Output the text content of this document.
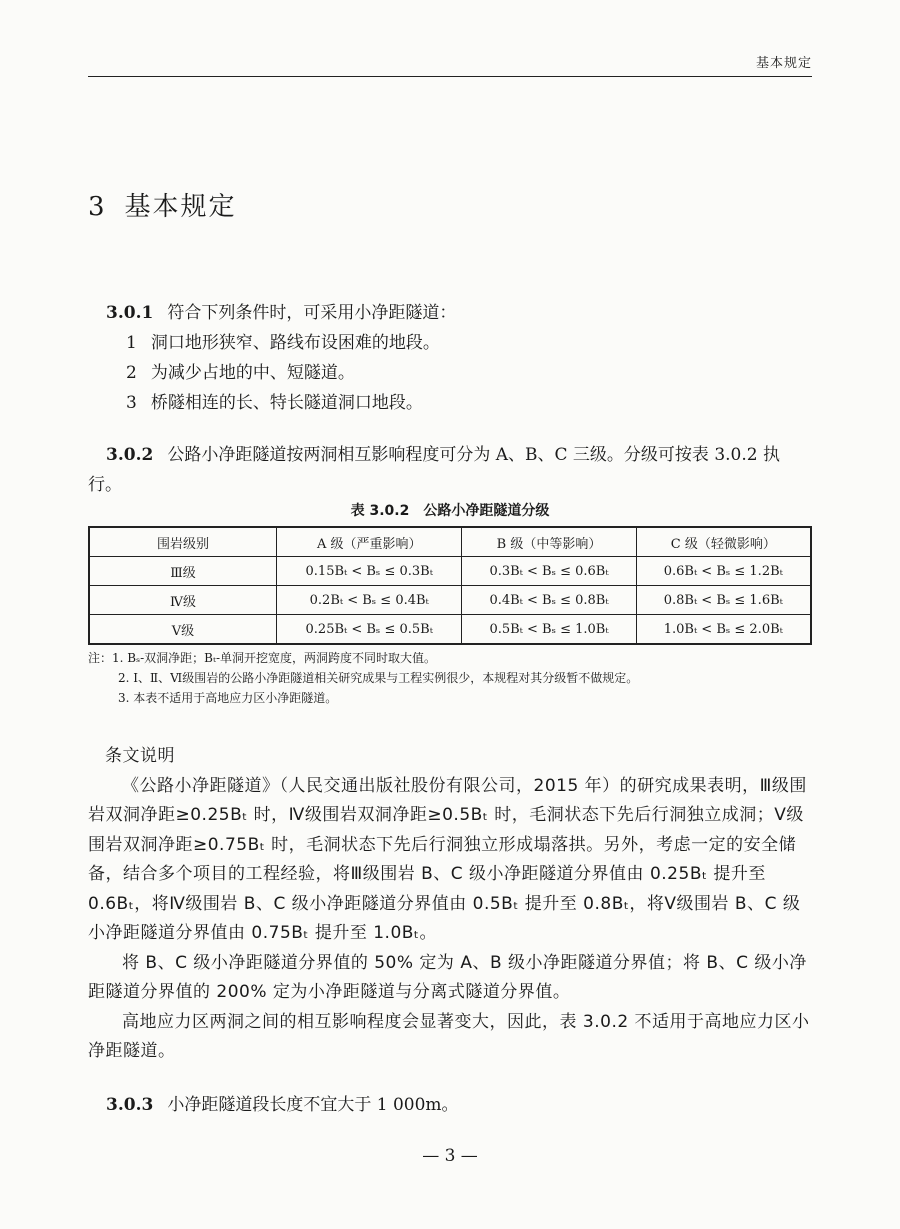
基本规定
3 基本规定
3.0.1 符合下列条件时，可采用小净距隧道：
1 洞口地形狭窄、路线布设困难的地段。
2 为减少占地的中、短隧道。
3 桥隧相连的长、特长隧道洞口地段。
3.0.2 公路小净距隧道按两洞相互影响程度可分为 A、B、C 三级。分级可按表 3.0.2 执行。
表 3.0.2　公路小净距隧道分级
围岩级别	A 级（严重影响）	B 级（中等影响）	C 级（轻微影响）
Ⅲ级	0.15Bₜ < Bₛ ≤ 0.3Bₜ	0.3Bₜ < Bₛ ≤ 0.6Bₜ	0.6Bₜ < Bₛ ≤ 1.2Bₜ
Ⅳ级	0.2Bₜ < Bₛ ≤ 0.4Bₜ	0.4Bₜ < Bₛ ≤ 0.8Bₜ	0.8Bₜ < Bₛ ≤ 1.6Bₜ
Ⅴ级	0.25Bₜ < Bₛ ≤ 0.5Bₜ	0.5Bₜ < Bₛ ≤ 1.0Bₜ	1.0Bₜ < Bₛ ≤ 2.0Bₜ
注：1. Bₛ-双洞净距；Bₜ-单洞开挖宽度，两洞跨度不同时取大值。
2. Ⅰ、Ⅱ、Ⅵ级围岩的公路小净距隧道相关研究成果与工程实例很少，本规程对其分级暂不做规定。
3. 本表不适用于高地应力区小净距隧道。

条文说明

《公路小净距隧道》（人民交通出版社股份有限公司，2015 年）的研究成果表明，Ⅲ级围岩双洞净距≥0.25Bₜ 时，Ⅳ级围岩双洞净距≥0.5Bₜ 时，毛洞状态下先后行洞独立成洞；Ⅴ级围岩双洞净距≥0.75Bₜ 时，毛洞状态下先后行洞独立形成塌落拱。另外，考虑一定的安全储备，结合多个项目的工程经验，将Ⅲ级围岩 B、C 级小净距隧道分界值由 0.25Bₜ 提升至 0.6Bₜ，将Ⅳ级围岩 B、C 级小净距隧道分界值由 0.5Bₜ 提升至 0.8Bₜ，将Ⅴ级围岩 B、C 级小净距隧道分界值由 0.75Bₜ 提升至 1.0Bₜ。

将 B、C 级小净距隧道分界值的 50% 定为 A、B 级小净距隧道分界值；将 B、C 级小净距隧道分界值的 200% 定为小净距隧道与分离式隧道分界值。

高地应力区两洞之间的相互影响程度会显著变大，因此，表 3.0.2 不适用于高地应力区小净距隧道。

3.0.3 小净距隧道段长度不宜大于 1 000m。
— 3 —
